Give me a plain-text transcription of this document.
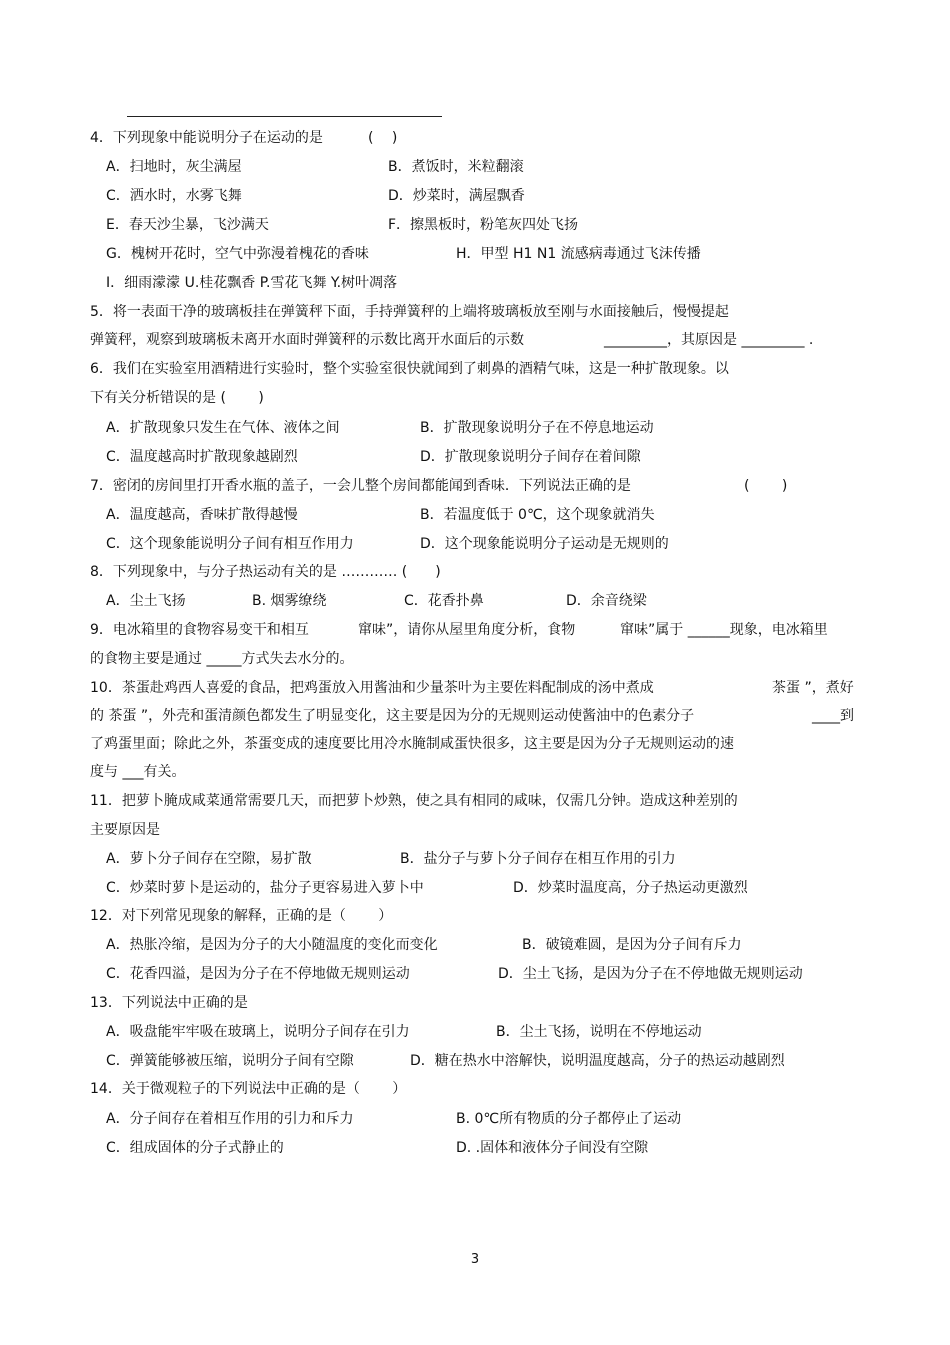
4．下列现象中能说明分子在运动的是	(　 )
A．扫地时，灰尘满屋	B．煮饭时，米粒翻滚
C．洒水时，水雾飞舞	D．炒菜时，满屋飘香
E．春天沙尘暴，飞沙满天	F．擦黑板时，粉笔灰四处飞扬
G．槐树开花时，空气中弥漫着槐花的香味	H．甲型 H1 N1 流感病毒通过飞沫传播
I．细雨濛濛 U.桂花飘香 P.雪花飞舞 Y.树叶凋落
5．将一表面干净的玻璃板挂在弹簧秤下面，手持弹簧秤的上端将玻璃板放至刚与水面接触后，慢慢提起
弹簧秤，观察到玻璃板未离开水面时弹簧秤的示数比离开水面后的示数	_________，其原因是 _________ .
6．我们在实验室用酒精进行实验时，整个实验室很快就闻到了刺鼻的酒精气味，这是一种扩散现象。以
下有关分析错误的是 (　　 )
A．扩散现象只发生在气体、液体之间	B．扩散现象说明分子在不停息地运动
C．温度越高时扩散现象越剧烈	D．扩散现象说明分子间存在着间隙
7．密闭的房间里打开香水瓶的盖子，一会儿整个房间都能闻到香味．下列说法正确的是	(　　 )
A．温度越高，香味扩散得越慢	B．若温度低于 0℃，这个现象就消失
C．这个现象能说明分子间有相互作用力	D．这个现象能说明分子运动是无规则的
8．下列现象中，与分子热运动有关的是 ………… (　　)
A．尘土飞扬	B. 烟雾缭绕	C．花香扑鼻	D．余音绕梁
9．电冰箱里的食物容易变干和相互	窜味”，请你从屋里角度分析，食物	窜味”属于 ______现象，电冰箱里
的食物主要是通过 _____方式失去水分的。
10．茶蛋赴鸡西人喜爱的食品，把鸡蛋放入用酱油和少量茶叶为主要佐料配制成的汤中煮成	茶蛋 ”，煮好
的 茶蛋 ”，外壳和蛋清颜色都发生了明显变化，这主要是因为分的无规则运动使酱油中的色素分子	____到
了鸡蛋里面；除此之外，茶蛋变成的速度要比用冷水腌制咸蛋快很多，这主要是因为分子无规则运动的速
度与 ___有关。
11．把萝卜腌成咸菜通常需要几天，而把萝卜炒熟，使之具有相同的咸味，仅需几分钟。造成这种差别的
主要原因是
A．萝卜分子间存在空隙，易扩散	B．盐分子与萝卜分子间存在相互作用的引力
C．炒菜时萝卜是运动的，盐分子更容易进入萝卜中	D．炒菜时温度高，分子热运动更激烈
12．对下列常见现象的解释，正确的是（　　 ）
A．热胀冷缩，是因为分子的大小随温度的变化而变化	B．破镜难圆，是因为分子间有斥力
C．花香四溢，是因为分子在不停地做无规则运动	D．尘土飞扬，是因为分子在不停地做无规则运动
13．下列说法中正确的是
A．吸盘能牢牢吸在玻璃上，说明分子间存在引力	B．尘土飞扬，说明在不停地运动
C．弹簧能够被压缩，说明分子间有空隙	D．糖在热水中溶解快，说明温度越高，分子的热运动越剧烈
14．关于微观粒子的下列说法中正确的是（　　 ）
A．分子间存在着相互作用的引力和斥力	B. 0℃所有物质的分子都停止了运动
C．组成固体的分子式静止的	D. .固体和液体分子间没有空隙
3
